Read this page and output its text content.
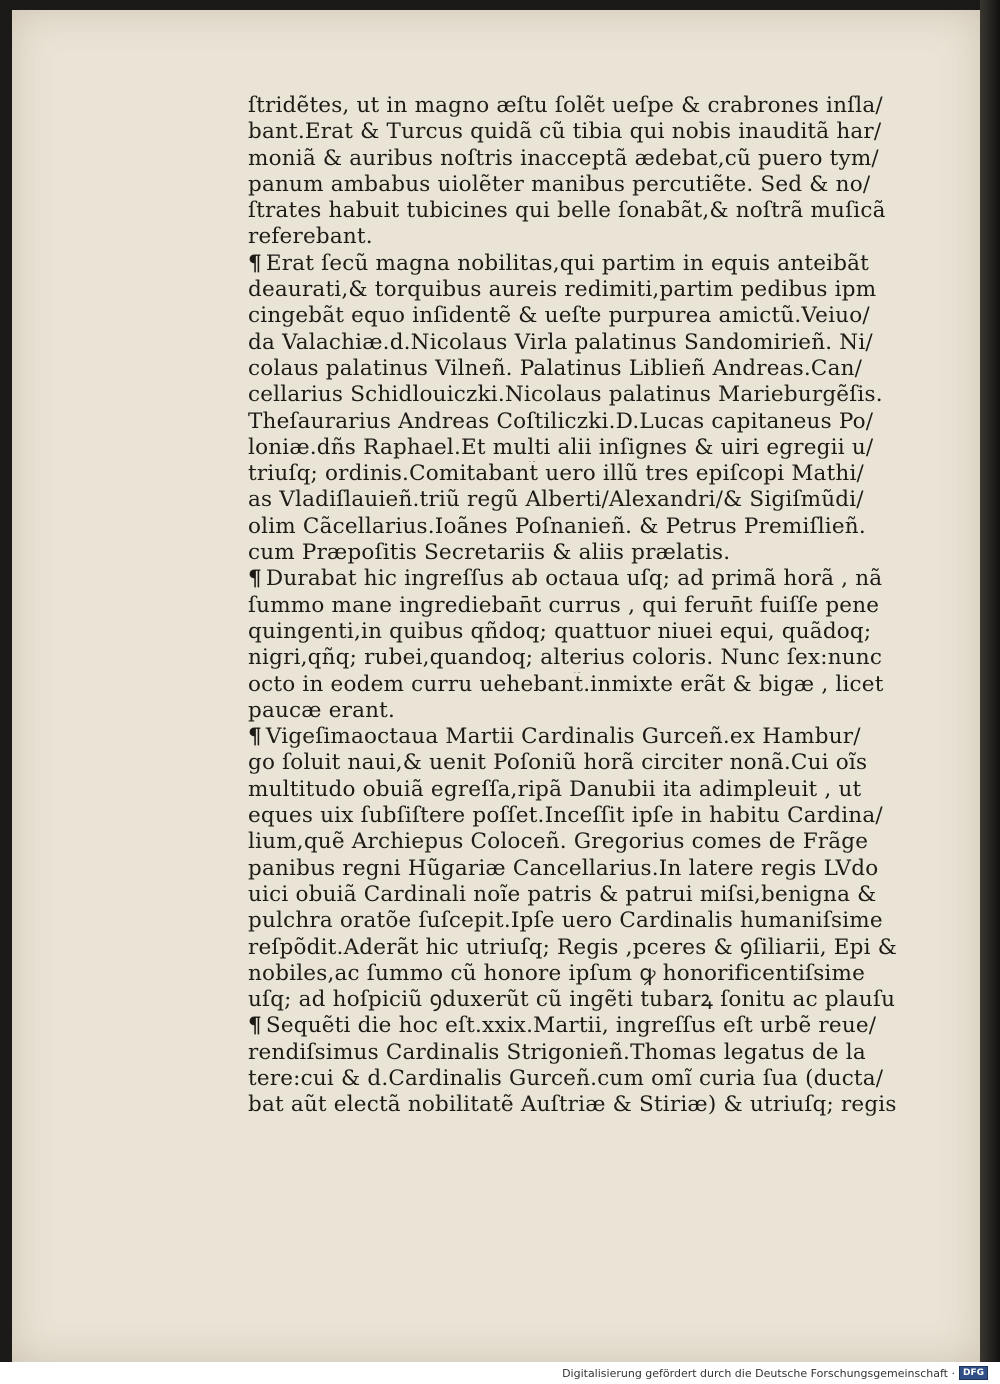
ſtridẽtes, ut in magno æſtu ſolẽt ueſpe & crabrones inſla/
bant.Erat & Turcus quidã cũ tibia qui nobis inauditã har/
moniã & auribus noſtris inacceptã ædebat,cũ puero tym/
panum ambabus uiolẽter manibus percutiẽte. Sed & no/
ſtrates habuit tubicines qui belle ſonabãt,& noſtrã muſicã
referebant.
¶ Erat ſecũ magna nobilitas,qui partim in equis anteibãt
deaurati,& torquibus aureis redimiti,partim pedibus ipm
cingebãt equo inſidentẽ & ueſte purpurea amictũ.Veiuo/
da Valachiæ.d.Nicolaus Virla palatinus Sandomirieñ. Ni/
colaus palatinus Vilneñ. Palatinus Liblieñ Andreas.Can/
cellarius Schidlouiczki.Nicolaus palatinus Marieburgẽſis.
Theſaurarius Andreas Coſtiliczki.D.Lucas capitaneus Po/
loniæ.dñs Raphael.Et multi alii inſignes & uiri egregii u/
triuſq; ordinis.Comitabant̃ uero illũ tres epiſcopi Mathi/
as Vladiſlauieñ.triũ regũ Alberti/Alexandri/& Sigiſmũdi/
olim Cãcellarius.Ioãnes Poſnanieñ. & Petrus Premiſlieñ.
cum Præpoſitis Secretariis & aliis prælatis.
¶ Durabat hic ingreſſus ab octaua uſq; ad primã horã , nã
ſummo mane ingredieban̄t currus , qui ferun̄t fuiſſe pene
quingenti,in quibus qñdoq; quattuor niuei equi, quãdoq;
nigri,qñq; rubei,quandoq; alterius coloris. Nunc ſex:nunc
octo in eodem curru uehebant̃.inmixte erãt & bigæ , licet
paucæ erant.
¶ Vigeſimaoctaua Martii Cardinalis Gurceñ.ex Hambur/
go ſoluit naui,& uenit Poſoniũ horã circiter nonã.Cui oĩs
multitudo obuiã egreſſa,ripã Danubii ita adimpleuit , ut
eques uix ſubſiſtere poſſet.Inceſſit ipſe in habitu Cardina/
lium,quẽ Archiepus Coloceñ. Gregorius comes de Frãge
panibus regni Hũgariæ Cancellarius.In latere regis LVdo
uici obuiã Cardinali noĩe patris & patrui miſsi,benigna &
pulchra oratõe ſuſcepit.Ipſe uero Cardinalis humaniſsime
reſpõdit.Aderãt hic utriuſq; Regis ,pceres & ꝯſiliarii, Epi &
nobiles,ac ſummo cũ honore ipſum ꝙ honorificentiſsime
uſq; ad hoſpiciũ ꝯduxerũt cũ ingẽti tubarꝝ ſonitu ac plauſu
¶ Sequẽti die hoc eſt.xxix.Martii, ingreſſus eſt urbẽ reue/
rendiſsimus Cardinalis Strigonieñ.Thomas legatus de la
tere:cui & d.Cardinalis Gurceñ.cum omĩ curia ſua (ducta/
bat aũt electã nobilitatẽ Auſtriæ & Stiriæ) & utriuſq; regis
Digitalisierung gefördert durch die Deutsche Forschungsgemeinschaft · DFG
